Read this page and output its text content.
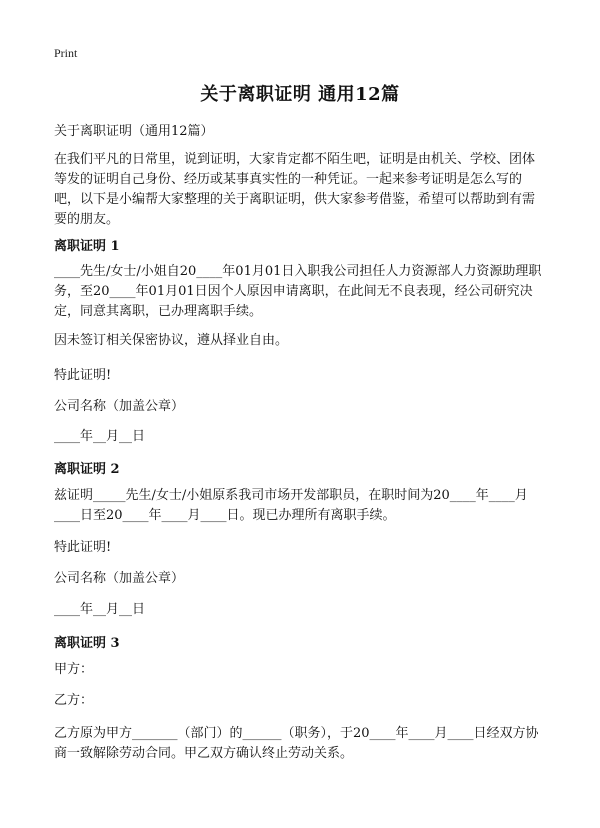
Print
关于离职证明 通用12篇
关于离职证明（通用12篇）
在我们平凡的日常里，说到证明，大家肯定都不陌生吧，证明是由机关、学校、团体等发的证明自己身份、经历或某事真实性的一种凭证。一起来参考证明是怎么写的吧，以下是小编帮大家整理的关于离职证明，供大家参考借鉴，希望可以帮助到有需要的朋友。
离职证明 1
____先生/女士/小姐自20____年01月01日入职我公司担任人力资源部人力资源助理职务，至20____年01月01日因个人原因申请离职，在此间无不良表现，经公司研究决定，同意其离职，已办理离职手续。
因未签订相关保密协议，遵从择业自由。
特此证明!
公司名称（加盖公章）
____年__月__日
离职证明 2
兹证明_____先生/女士/小姐原系我司市场开发部职员，在职时间为20____年____月____日至20____年____月____日。现已办理所有离职手续。
特此证明!
公司名称（加盖公章）
____年__月__日
离职证明 3
甲方：
乙方：
乙方原为甲方_______（部门）的______（职务），于20____年____月____日经双方协商一致解除劳动合同。甲乙双方确认终止劳动关系。
